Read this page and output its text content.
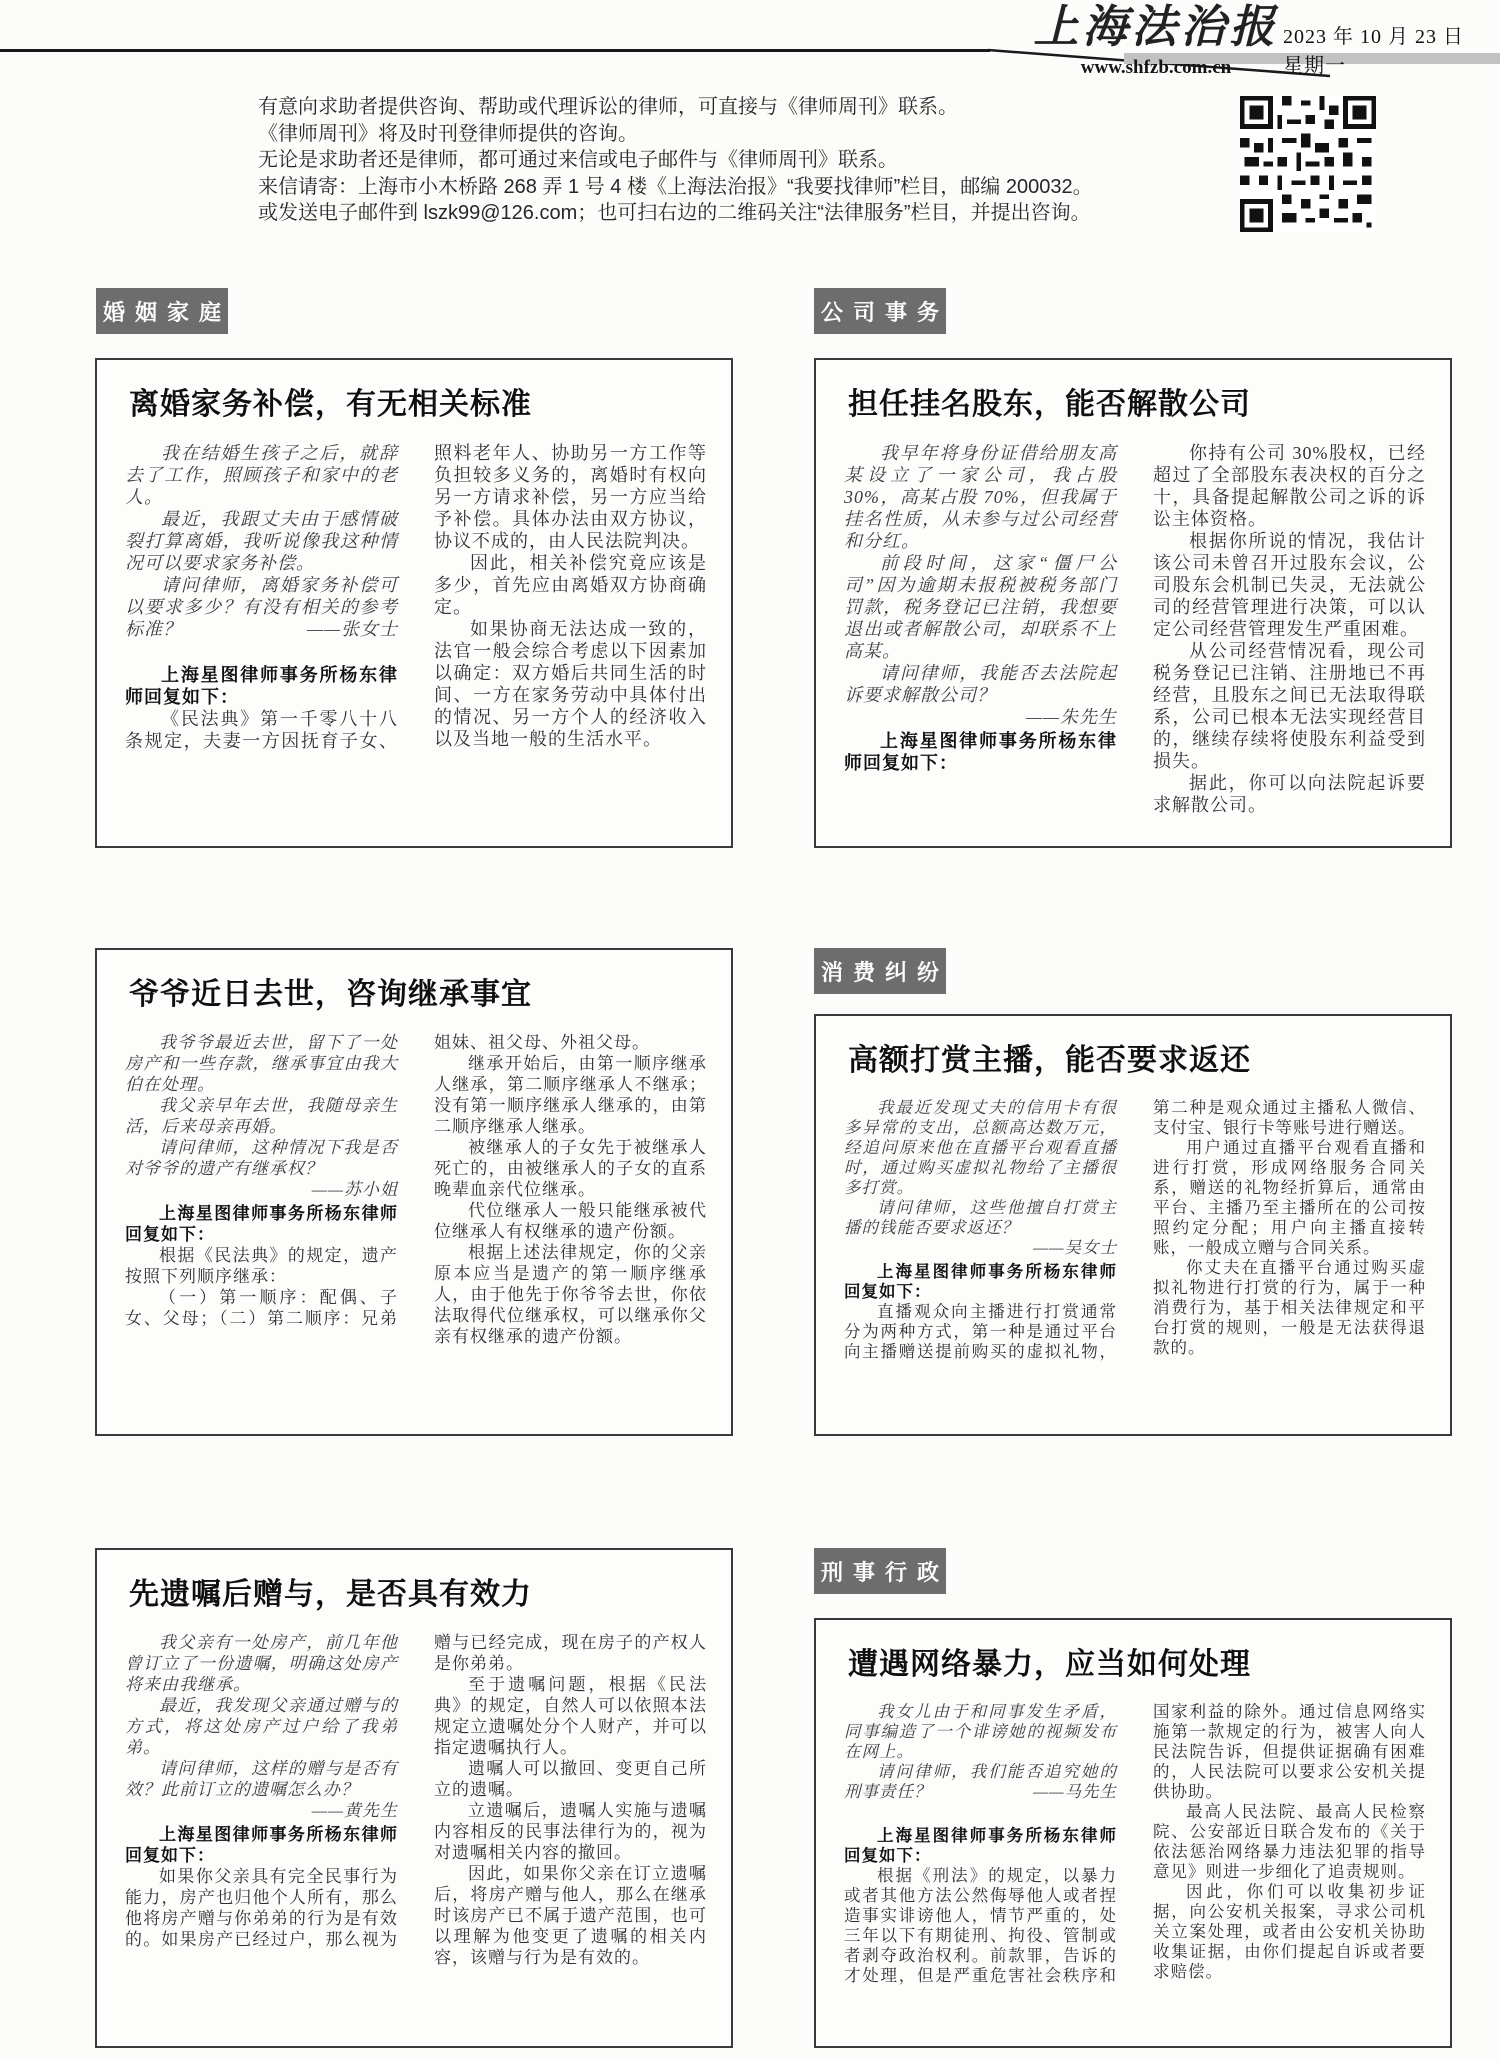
上海法治报 2023 年 10 月 23 日　星期一
www.shfzb.com.cn
有意向求助者提供咨询、帮助或代理诉讼的律师，可直接与《律师周刊》联系。
《律师周刊》将及时刊登律师提供的咨询。
无论是求助者还是律师，都可通过来信或电子邮件与《律师周刊》联系。
来信请寄：上海市小木桥路 268 弄 1 号 4 楼《上海法治报》“我要找律师”栏目，邮编 200032。
或发送电子邮件到 lszk99@126.com；也可扫右边的二维码关注“法律服务”栏目，并提出咨询。
婚姻家庭	公司事务
消费纠纷
刑事行政
离婚家务补偿，有无相关标准

我在结婚生孩子之后，就辞去了工作，照顾孩子和家中的老人。

最近，我跟丈夫由于感情破裂打算离婚，我听说像我这种情况可以要求家务补偿。

请问律师，离婚家务补偿可以要求多少？有没有相关的参考标准？	——张女士

上海星图律师事务所杨东律师回复如下：

《民法典》第一千零八十八条规定，夫妻一方因抚育子女、照料老年人、协助另一方工作等负担较多义务的，离婚时有权向另一方请求补偿，另一方应当给予补偿。具体办法由双方协议，协议不成的，由人民法院判决。

因此，相关补偿究竟应该是多少，首先应由离婚双方协商确定。

如果协商无法达成一致的，法官一般会综合考虑以下因素加以确定：双方婚后共同生活的时间、一方在家务劳动中具体付出的情况、另一方个人的经济收入以及当地一般的生活水平。

担任挂名股东，能否解散公司

我早年将身份证借给朋友高某设立了一家公司，我占股 30%，高某占股 70%，但我属于挂名性质，从未参与过公司经营和分红。

前段时间，这家“僵尸公司”因为逾期未报税被税务部门罚款，税务登记已注销，我想要退出或者解散公司，却联系不上高某。

请问律师，我能否去法院起诉要求解散公司？
——朱先生

上海星图律师事务所杨东律师回复如下：

你持有公司 30%股权，已经超过了全部股东表决权的百分之十，具备提起解散公司之诉的诉讼主体资格。

根据你所说的情况，我估计该公司未曾召开过股东会议，公司股东会机制已失灵，无法就公司的经营管理进行决策，可以认定公司经营管理发生严重困难。

从公司经营情况看，现公司税务登记已注销、注册地已不再经营，且股东之间已无法取得联系，公司已根本无法实现经营目的，继续存续将使股东利益受到损失。

据此，你可以向法院起诉要求解散公司。

爷爷近日去世，咨询继承事宜

我爷爷最近去世，留下了一处房产和一些存款，继承事宜由我大伯在处理。

我父亲早年去世，我随母亲生活，后来母亲再婚。

请问律师，这种情况下我是否对爷爷的遗产有继承权？
——苏小姐

上海星图律师事务所杨东律师回复如下：

根据《民法典》的规定，遗产按照下列顺序继承：

（一）第一顺序：配偶、子女、父母；（二）第二顺序：兄弟姐妹、祖父母、外祖父母。

继承开始后，由第一顺序继承人继承，第二顺序继承人不继承；没有第一顺序继承人继承的，由第二顺序继承人继承。

被继承人的子女先于被继承人死亡的，由被继承人的子女的直系晚辈血亲代位继承。

代位继承人一般只能继承被代位继承人有权继承的遗产份额。

根据上述法律规定，你的父亲原本应当是遗产的第一顺序继承人，由于他先于你爷爷去世，你依法取得代位继承权，可以继承你父亲有权继承的遗产份额。

高额打赏主播，能否要求返还

我最近发现丈夫的信用卡有很多异常的支出，总额高达数万元，经追问原来他在直播平台观看直播时，通过购买虚拟礼物给了主播很多打赏。

请问律师，这些他擅自打赏主播的钱能否要求返还？
——吴女士

上海星图律师事务所杨东律师回复如下：

直播观众向主播进行打赏通常分为两种方式，第一种是通过平台向主播赠送提前购买的虚拟礼物，第二种是观众通过主播私人微信、支付宝、银行卡等账号进行赠送。

用户通过直播平台观看直播和进行打赏，形成网络服务合同关系，赠送的礼物经折算后，通常由平台、主播乃至主播所在的公司按照约定分配；用户向主播直接转账，一般成立赠与合同关系。

你丈夫在直播平台通过购买虚拟礼物进行打赏的行为，属于一种消费行为，基于相关法律规定和平台打赏的规则，一般是无法获得退款的。

先遗嘱后赠与，是否具有效力

我父亲有一处房产，前几年他曾订立了一份遗嘱，明确这处房产将来由我继承。

最近，我发现父亲通过赠与的方式，将这处房产过户给了我弟弟。

请问律师，这样的赠与是否有效？此前订立的遗嘱怎么办？
——黄先生

上海星图律师事务所杨东律师回复如下：

如果你父亲具有完全民事行为能力，房产也归他个人所有，那么他将房产赠与你弟弟的行为是有效的。如果房产已经过户，那么视为赠与已经完成，现在房子的产权人是你弟弟。

至于遗嘱问题，根据《民法典》的规定，自然人可以依照本法规定立遗嘱处分个人财产，并可以指定遗嘱执行人。

遗嘱人可以撤回、变更自己所立的遗嘱。

立遗嘱后，遗嘱人实施与遗嘱内容相反的民事法律行为的，视为对遗嘱相关内容的撤回。

因此，如果你父亲在订立遗嘱后，将房产赠与他人，那么在继承时该房产已不属于遗产范围，也可以理解为他变更了遗嘱的相关内容，该赠与行为是有效的。

遭遇网络暴力，应当如何处理

我女儿由于和同事发生矛盾，同事编造了一个诽谤她的视频发布在网上。

请问律师，我们能否追究她的刑事责任？	——马先生

上海星图律师事务所杨东律师回复如下：

根据《刑法》的规定，以暴力或者其他方法公然侮辱他人或者捏造事实诽谤他人，情节严重的，处三年以下有期徒刑、拘役、管制或者剥夺政治权利。前款罪，告诉的才处理，但是严重危害社会秩序和国家利益的除外。通过信息网络实施第一款规定的行为，被害人向人民法院告诉，但提供证据确有困难的，人民法院可以要求公安机关提供协助。

最高人民法院、最高人民检察院、公安部近日联合发布的《关于依法惩治网络暴力违法犯罪的指导意见》则进一步细化了追责规则。

因此，你们可以收集初步证据，向公安机关报案，寻求公司机关立案处理，或者由公安机关协助收集证据，由你们提起自诉或者要求赔偿。
